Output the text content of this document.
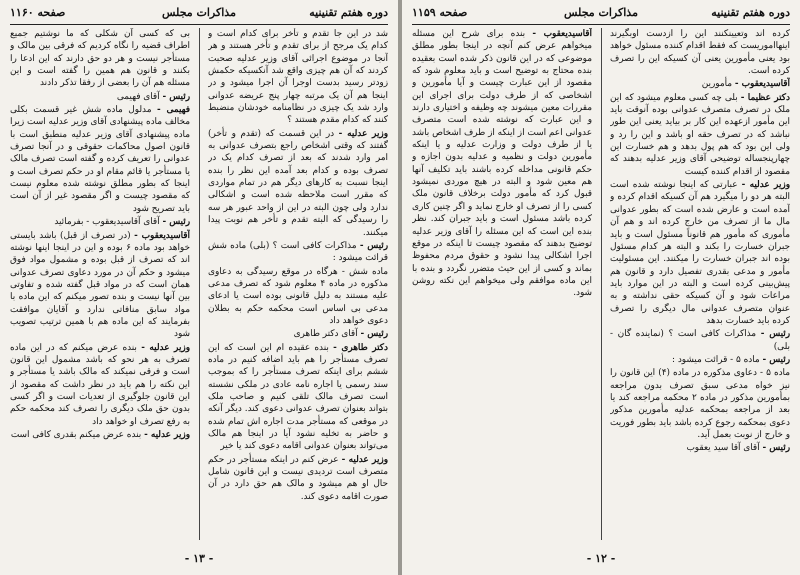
دوره هفتم تقنینیه
مذاکرات مجلس
صفحه ۱۱۶۰

شد در این جا تقدم و تأخر برای کدام است و کدام یک مرجح از برای تقدم و تأخر هستند و هر آنجا در موضوع اجرائی آقای وزیر عدلیه صحبت کردند که آن هم چیزی واقع شد آنکسیکه حکمش زودتر رسید بدست اوجرا آن اجرا میشود و در اینجا هم آن یک مرتبه چهار پنج عریضه عدوانی وارد شد یک چیزی در نظامنامه خودشان منضبط کنند که کدام مقدم هستند ؟

وزیر عدلیه - در این قسمت که (تقدم و تأخر) گفتند که وقتی اشخاص راجع بتصرف عدوانی به امر وارد شدند که بعد از تصرف کدام یک در تصرف بوده و کدام بعد آمده این نظر را بنده اینجا نسبت به کارهای دیگر هم در تمام مواردی که مقرر است ملاحظه شده است و اشکالی ندارد ولی چون البته در این از واحد عبور هر سه را رسیدگی که البته تقدم و تأخر هم نوبت پیدا میکنند.

رئیس - مذاکرات کافی است ؟ (بلی) ماده شش قرائت میشود :

ماده شش - هرگاه در موقع رسیدگی به دعاوی مذکوره در ماده ۴ معلوم شود که تصرف مدعی علیه مستند به دلیل قانونی بوده است یا ادعای مدعی بی اساس است محکمه حکم به بطلان دعوی خواهد داد

رئیس - آقای دکتر طاهری

دکتر طاهری - بنده عقیده ام این است که این تصرف مستأجر را هم باید اضافه کنیم در ماده ششم برای اینکه تصرف مستأجر را که بموجب سند رسمی یا اجاره نامه عادی در ملکی نشسته است تصرف مالک تلقی کنیم و صاحب ملک بتواند بعنوان تصرف عدوانی دعوی کند. دیگر آنکه در موقعی که مستأجر مدت اجاره اش تمام شده و حاضر به تخلیه نشود آیا در اینجا هم مالک می‌تواند بعنوان عدوانی اقامه دعوی کند یا خیر

وزیر عدلیه - عرض کنم در اینکه مستأجر در حکم متصرف است تردیدی نیست و این قانون شامل حال او هم میشود و مالک هم حق دارد در آن صورت اقامه دعوی کند.

بی که کسی آن شکلی که ما نوشتیم جمیع اطراف قضیه را نگاه کردیم که فرقی بین مالک و مستأجر نیست و هر دو حق دارند که این ادعا را بکنند و قانون هم همین را گفته است و این مسئله هم آن را بعضی از رفقا تذکر دادند

رئیس - آقای فهیمی

فهیمی - مدلول ماده شش غیر قسمت بکلی مخالف ماده پیشنهادی آقای وزیر عدلیه است زیرا ماده پیشنهادی آقای وزیر عدلیه منطبق است با قانون اصول محاکمات حقوقی و در آنجا تصرف عدوانی را تعریف کرده و گفته است تصرف مالک یا مستأجر یا قائم مقام او در حکم تصرف است و اینجا که بطور مطلق نوشته شده معلوم نیست که مقصود چیست و اگر مقصود غیر از آن است باید تصریح شود

رئیس - آقای آقاسیدیعقوب - بفرمائید

آقاسیدیعقوب - (در تصرف از قبل) باشد بایستی خواهد بود ماده ۶ بوده و این در اینجا اینها نوشته اند که تصرف از قبل بوده و مشمول مواد فوق میشود و حکم آن در مورد دعاوی تصرف عدوانی همان است که در مواد قبل گفته شده و تفاوتی بین آنها نیست و بنده تصور میکنم که این ماده با مواد سابق منافاتی ندارد و آقایان موافقت بفرمایند که این ماده هم با همین ترتیب تصویب شود

وزیر عدلیه - بنده عرض میکنم که در این ماده تصرف به هر نحو که باشد مشمول این قانون است و فرقی نمیکند که مالک باشد یا مستأجر و این نکته را هم باید در نظر داشت که مقصود از این قانون جلوگیری از تعدیات است و اگر کسی بدون حق ملک دیگری را تصرف کند محکمه حکم به رفع تصرف او خواهد داد

وزیر عدلیه - بنده عرض میکنم بقدری کافی است

- ۱۳ -
دوره هفتم تقنینیه
مذاکرات مجلس
صفحه ۱۱۵۹

کرده اند وتعیینکنند این را ازدست اوبگیرند اینهااموریست که فقط اقدام کننده مسئول خواهد بود یعنی مأمورین یعنی آن کسیکه این را تصرف کرده است.

آقاسیدیعقوب - مأمورین

دکتر عظیما - بلی چه کسی معلوم میشود که این ملک در تصرف متصرف عدوانی بوده آنوقت باید این مأمور ازعهده این کار بر بیاید یعنی این طور نباشد که در تصرف حقه او باشد و این را رد و ولی این بود که هم پول بدهد و هم خسارت این چهارپنجساله توضیحی آقای وزیر عدلیه بدهند که مقصود از اقدام کننده کیست

وزیر عدلیه - عبارتی که اینجا نوشته شده است البته هر دو را میگیرد هم آن کسیکه اقدام کرده و آمده است و عارض شده است که بطور عدوانی مال ما از تصرف من خارج کرده اند و هم آن مأموری که مأمور هم قانوناً مسئول است و باید جبران خسارت را بکند و البته هر کدام مسئول بوده اند جبران خسارت را میکنند. این مسئولیت مأمور و مدعی بقدری تفصیل دارد و قانون هم پیش‌بینی کرده است و البته در این موارد باید مراعات شود و آن کسیکه حقی نداشته و به عنوان متصرف عدوانی مال دیگری را تصرف کرده باید خسارت بدهد

رئیس - مذاکرات کافی است ؟ (نماینده گان - بلی)

رئیس - ماده ۵ - قرائت میشود :

ماده ۵ - دعاوی مذکوره در ماده (۴) این قانون را نیز خواه مدعی سبق تصرف بدون مراجعه بمأمورین مذکور در ماده ۲ محکمه مراجعه کند یا بعد از مراجعه بمحکمه عدلیه مأمورین مذکور دعوی بمحکمه رجوع کرده باشد باید بطور فوریت و خارج از نوبت بعمل آید.

رئیس - آقای آقا سید یعقوب

آقاسیدیعقوب - بنده برای شرح این مسئله میخواهم عرض کنم آنچه در اینجا بطور مطلق موضوعی که در این قانون ذکر شده است بعقیده بنده محتاج به توضیح است و باید معلوم شود که مقصود از این عبارت چیست و آیا مأمورین و اشخاصی که از طرف دولت برای اجرای این مقررات معین میشوند چه وظیفه و اختیاری دارند و این عبارت که نوشته شده است متصرف عدوانی اعم است از اینکه از طرف اشخاص باشد یا از طرف دولت و وزارت عدلیه و یا اینکه مأمورین دولت و نظمیه و عدلیه بدون اجازه و حکم قانونی مداخله کرده باشند باید تکلیف آنها هم معین شود و البته در هیچ موردی نمیشود قبول کرد که مأمور دولت برخلاف قانون ملک کسی را از تصرف او خارج نماید و اگر چنین کاری کرده باشد مسئول است و باید جبران کند. نظر بنده این است که این مسئله را آقای وزیر عدلیه توضیح بدهند که مقصود چیست تا اینکه در موقع اجرا اشکالی پیدا نشود و حقوق مردم محفوظ بماند و کسی از این حیث متضرر نگردد و بنده با این ماده موافقم ولی میخواهم این نکته روشن شود.

- ۱۲ -
